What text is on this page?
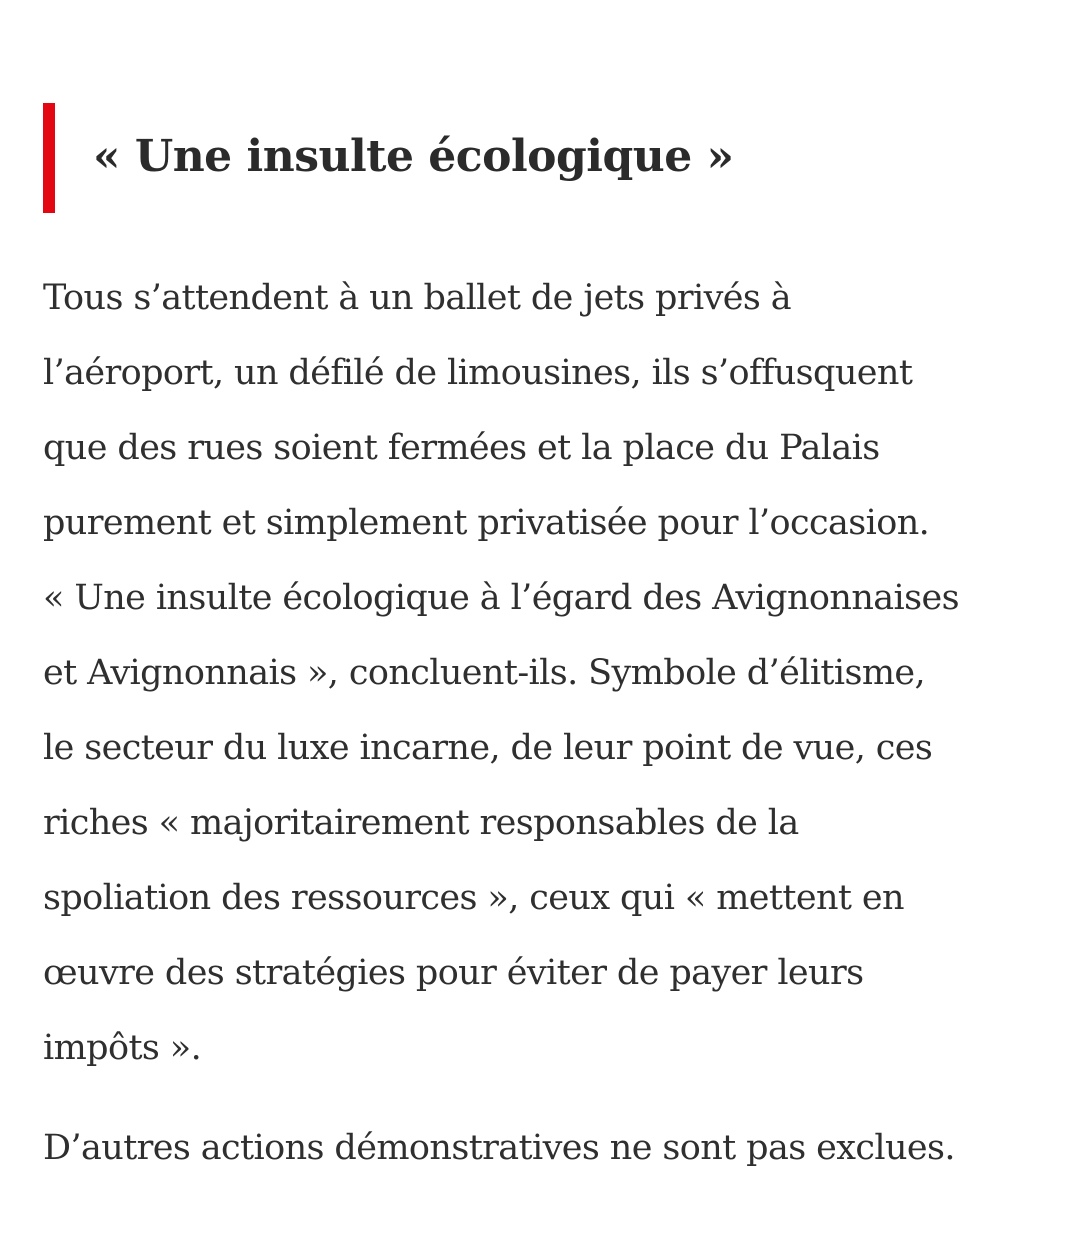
« Une insulte écologique »

Tous s’attendent à un ballet de jets privés à
l’aéroport, un défilé de limousines, ils s’offusquent
que des rues soient fermées et la place du Palais
purement et simplement privatisée pour l’occasion.
« Une insulte écologique à l’égard des Avignonnaises
et Avignonnais », concluent-ils. Symbole d’élitisme,
le secteur du luxe incarne, de leur point de vue, ces
riches « majoritairement responsables de la
spoliation des ressources », ceux qui « mettent en
œuvre des stratégies pour éviter de payer leurs
impôts ».

D’autres actions démonstratives ne sont pas exclues.
